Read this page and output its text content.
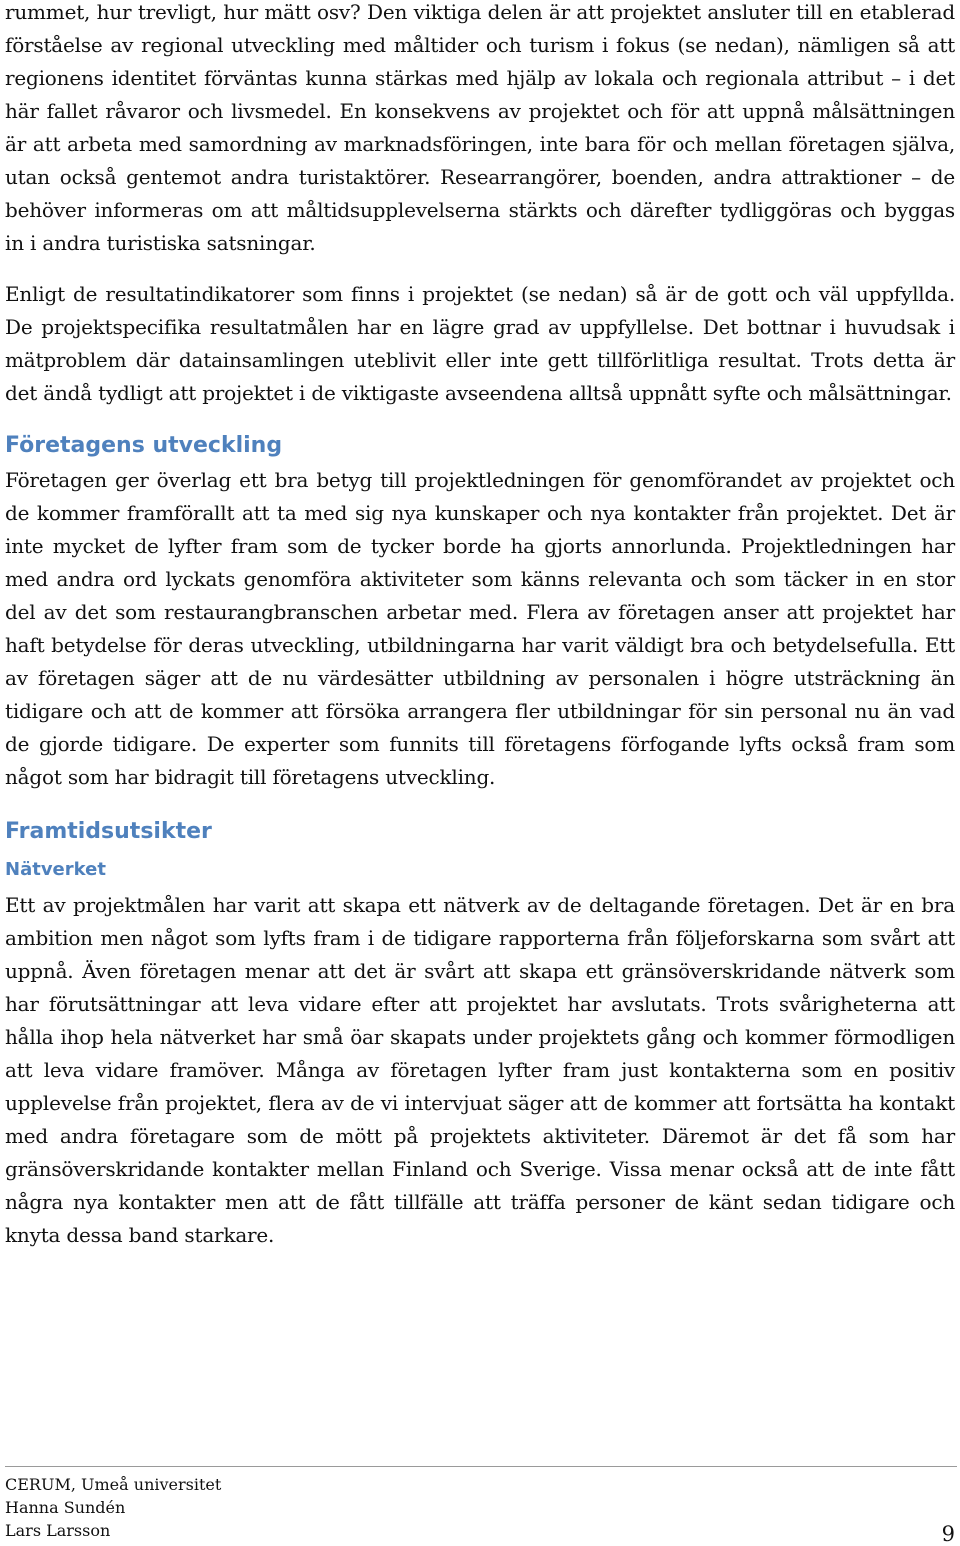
rummet, hur trevligt, hur mätt osv? Den viktiga delen är att projektet ansluter till en etablerad förståelse av regional utveckling med måltider och turism i fokus (se nedan), nämligen så att regionens identitet förväntas kunna stärkas med hjälp av lokala och regionala attribut – i det här fallet råvaror och livsmedel. En konsekvens av projektet och för att uppnå målsättningen är att arbeta med samordning av marknadsföringen, inte bara för och mellan företagen själva, utan också gentemot andra turistaktörer. Researrangörer, boenden, andra attraktioner – de behöver informeras om att måltidsupplevelserna stärkts och därefter tydliggöras och byggas in i andra turistiska satsningar.

Enligt de resultatindikatorer som finns i projektet (se nedan) så är de gott och väl uppfyllda. De projektspecifika resultatmålen har en lägre grad av uppfyllelse. Det bottnar i huvudsak i mätproblem där datainsamlingen uteblivit eller inte gett tillförlitliga resultat. Trots detta är det ändå tydligt att projektet i de viktigaste avseendena alltså uppnått syfte och målsättningar.

Företagens utveckling

Företagen ger överlag ett bra betyg till projektledningen för genomförandet av projektet och de kommer framförallt att ta med sig nya kunskaper och nya kontakter från projektet. Det är inte mycket de lyfter fram som de tycker borde ha gjorts annorlunda. Projektledningen har med andra ord lyckats genomföra aktiviteter som känns relevanta och som täcker in en stor del av det som restaurangbranschen arbetar med. Flera av företagen anser att projektet har haft betydelse för deras utveckling, utbildningarna har varit väldigt bra och betydelsefulla. Ett av företagen säger att de nu värdesätter utbildning av personalen i högre utsträckning än tidigare och att de kommer att försöka arrangera fler utbildningar för sin personal nu än vad de gjorde tidigare. De experter som funnits till företagens förfogande lyfts också fram som något som har bidragit till företagens utveckling.

Framtidsutsikter
Nätverket

Ett av projektmålen har varit att skapa ett nätverk av de deltagande företagen. Det är en bra ambition men något som lyfts fram i de tidigare rapporterna från följeforskarna som svårt att uppnå. Även företagen menar att det är svårt att skapa ett gränsöverskridande nätverk som har förutsättningar att leva vidare efter att projektet har avslutats. Trots svårigheterna att hålla ihop hela nätverket har små öar skapats under projektets gång och kommer förmodligen att leva vidare framöver. Många av företagen lyfter fram just kontakterna som en positiv upplevelse från projektet, flera av de vi intervjuat säger att de kommer att fortsätta ha kontakt med andra företagare som de mött på projektets aktiviteter. Däremot är det få som har gränsöverskridande kontakter mellan Finland och Sverige. Vissa menar också att de inte fått några nya kontakter men att de fått tillfälle att träffa personer de känt sedan tidigare och knyta dessa band starkare.

CERUM, Umeå universitet

Hanna Sundén

Lars Larsson	9
